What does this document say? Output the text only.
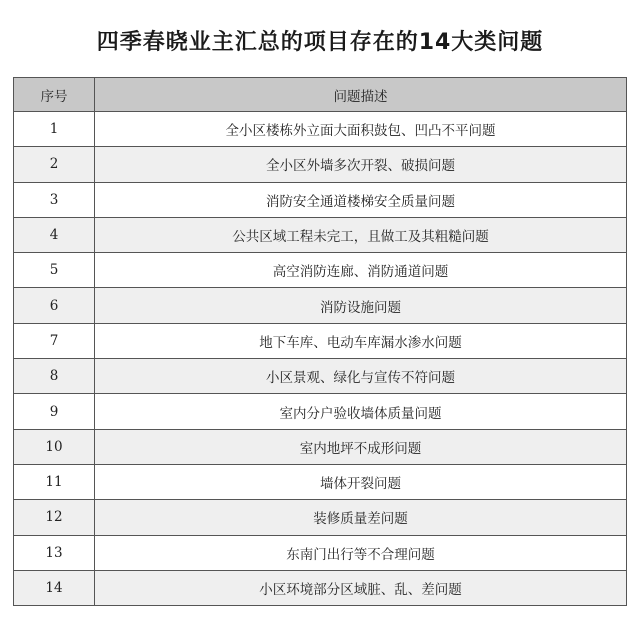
四季春晓业主汇总的项目存在的14大类问题
序号	问题描述
1	全小区楼栋外立面大面积鼓包、凹凸不平问题
2	全小区外墙多次开裂、破损问题
3	消防安全通道楼梯安全质量问题
4	公共区域工程未完工，且做工及其粗糙问题
5	高空消防连廊、消防通道问题
6	消防设施问题
7	地下车库、电动车库漏水渗水问题
8	小区景观、绿化与宣传不符问题
9	室内分户验收墙体质量问题
10	室内地坪不成形问题
11	墙体开裂问题
12	装修质量差问题
13	东南门出行等不合理问题
14	小区环境部分区域脏、乱、差问题
